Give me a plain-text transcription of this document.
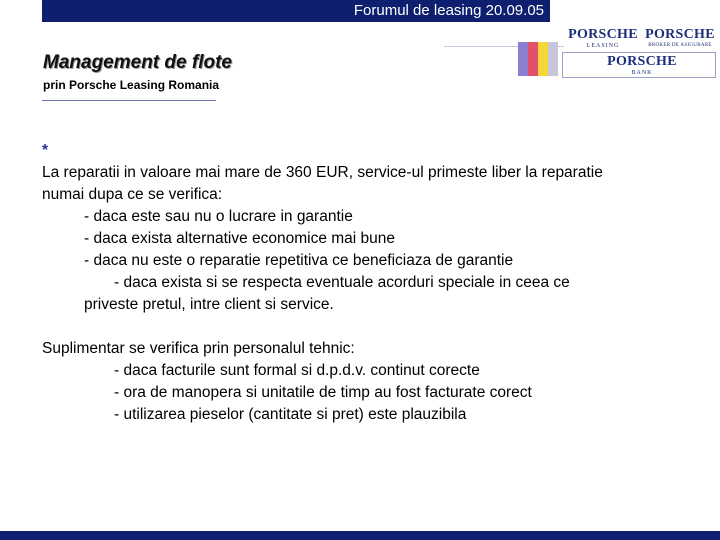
Forumul de leasing 20.09.05
PORSCHE
LEASING
PORSCHE
BROKER DE ASIGURARE
PORSCHE
BANK
Management de flote
prin Porsche Leasing Romania

*

La reparatii in valoare mai mare de 360 EUR, service-ul primeste liber la reparatie

numai dupa ce se verifica:

- daca este sau nu o lucrare in garantie

- daca exista alternative economice mai bune

- daca nu este o reparatie repetitiva ce beneficiaza de garantie

- daca exista si se respecta eventuale acorduri speciale in ceea ce

priveste pretul, intre client si service.

Suplimentar se verifica prin personalul tehnic:

- daca facturile sunt formal si d.p.d.v. continut corecte

- ora de manopera si unitatile de timp au fost facturate corect

- utilizarea pieselor (cantitate si pret) este plauzibila
